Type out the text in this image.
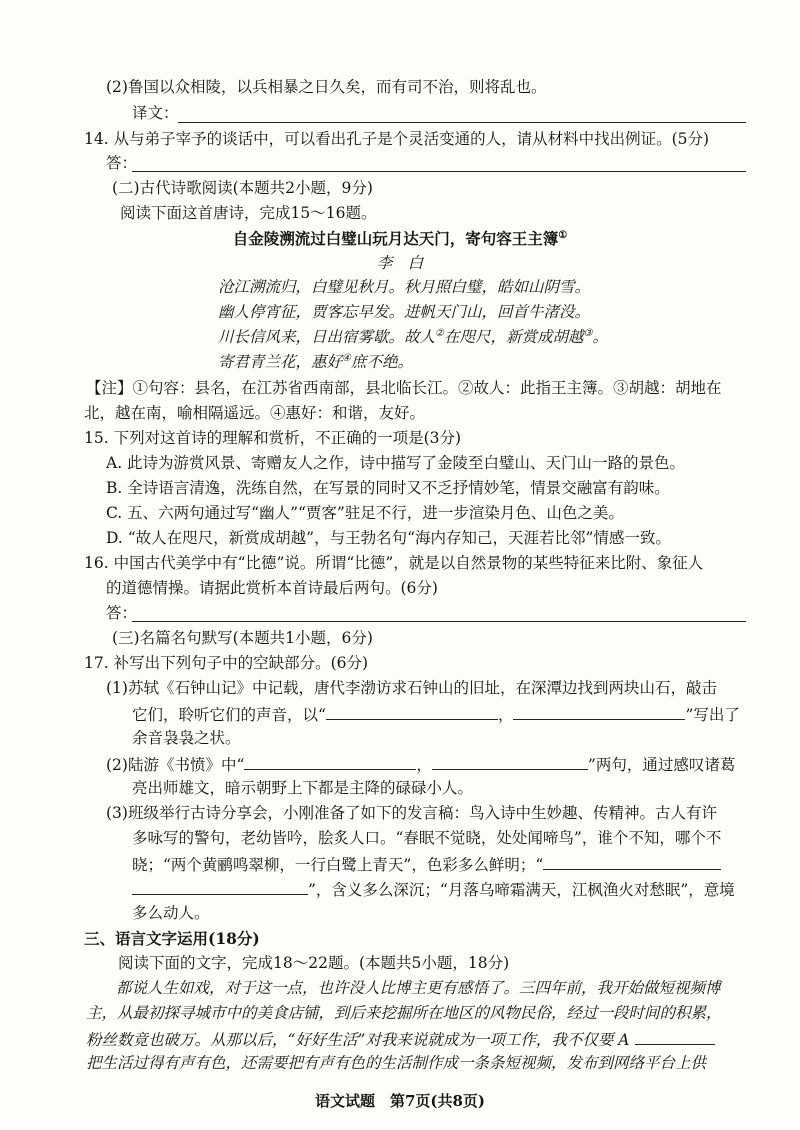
(2)鲁国以众相陵，以兵相暴之日久矣，而有司不治，则将乱也。
译文：
14. 从与弟子宰予的谈话中，可以看出孔子是个灵活变通的人，请从材料中找出例证。(5分)
答：
(二)古代诗歌阅读(本题共2小题，9分)
阅读下面这首唐诗，完成15～16题。
自金陵溯流过白璧山玩月达天门，寄句容王主簿①
李　白
沧江溯流归，白璧见秋月。秋月照白璧，皓如山阴雪。
幽人停宵征，贾客忘早发。进帆天门山，回首牛渚没。
川长信风来，日出宿雾歇。故人②在咫尺，新赏成胡越③。
寄君青兰花，惠好④庶不绝。
【注】①句容：县名，在江苏省西南部，县北临长江。②故人：此指王主簿。③胡越：胡地在
北，越在南，喻相隔遥远。④惠好：和谐，友好。
15. 下列对这首诗的理解和赏析，不正确的一项是(3分)
A. 此诗为游赏风景、寄赠友人之作，诗中描写了金陵至白璧山、天门山一路的景色。
B. 全诗语言清逸，洗练自然，在写景的同时又不乏抒情妙笔，情景交融富有韵味。
C. 五、六两句通过写“幽人”“贾客”驻足不行，进一步渲染月色、山色之美。
D. “故人在咫尺，新赏成胡越”，与王勃名句“海内存知己，天涯若比邻”情感一致。
16. 中国古代美学中有“比德”说。所谓“比德”，就是以自然景物的某些特征来比附、象征人
的道德情操。请据此赏析本首诗最后两句。(6分)
答：
(三)名篇名句默写(本题共1小题，6分)
17. 补写出下列句子中的空缺部分。(6分)
(1)苏轼《石钟山记》中记载，唐代李渤访求石钟山的旧址，在深潭边找到两块山石，敲击
它们，聆听它们的声音，以“	，	”写出了
余音袅袅之状。
(2)陆游《书愤》中“	，	”两句，通过感叹诸葛
亮出师雄文，暗示朝野上下都是主降的碌碌小人。
(3)班级举行古诗分享会，小刚准备了如下的发言稿：鸟入诗中生妙趣、传精神。古人有许
多咏写的警句，老幼皆吟，脍炙人口。“春眠不觉晓，处处闻啼鸟”，谁个不知，哪个不
晓；“两个黄鹂鸣翠柳，一行白鹭上青天”，色彩多么鲜明；“
”，含义多么深沉；“月落乌啼霜满天，江枫渔火对愁眠”，意境
多么动人。
三、语言文字运用(18分)
阅读下面的文字，完成18～22题。(本题共5小题，18分)
都说人生如戏，对于这一点，也许没人比博主更有感悟了。三四年前，我开始做短视频博
主，从最初探寻城市中的美食店铺，到后来挖掘所在地区的风物民俗，经过一段时间的积累，
粉丝数竟也破万。从那以后，“好好生活”对我来说就成为一项工作，我不仅要 A
把生活过得有声有色，还需要把有声有色的生活制作成一条条短视频，发布到网络平台上供
语文试题　第7页(共8页)
